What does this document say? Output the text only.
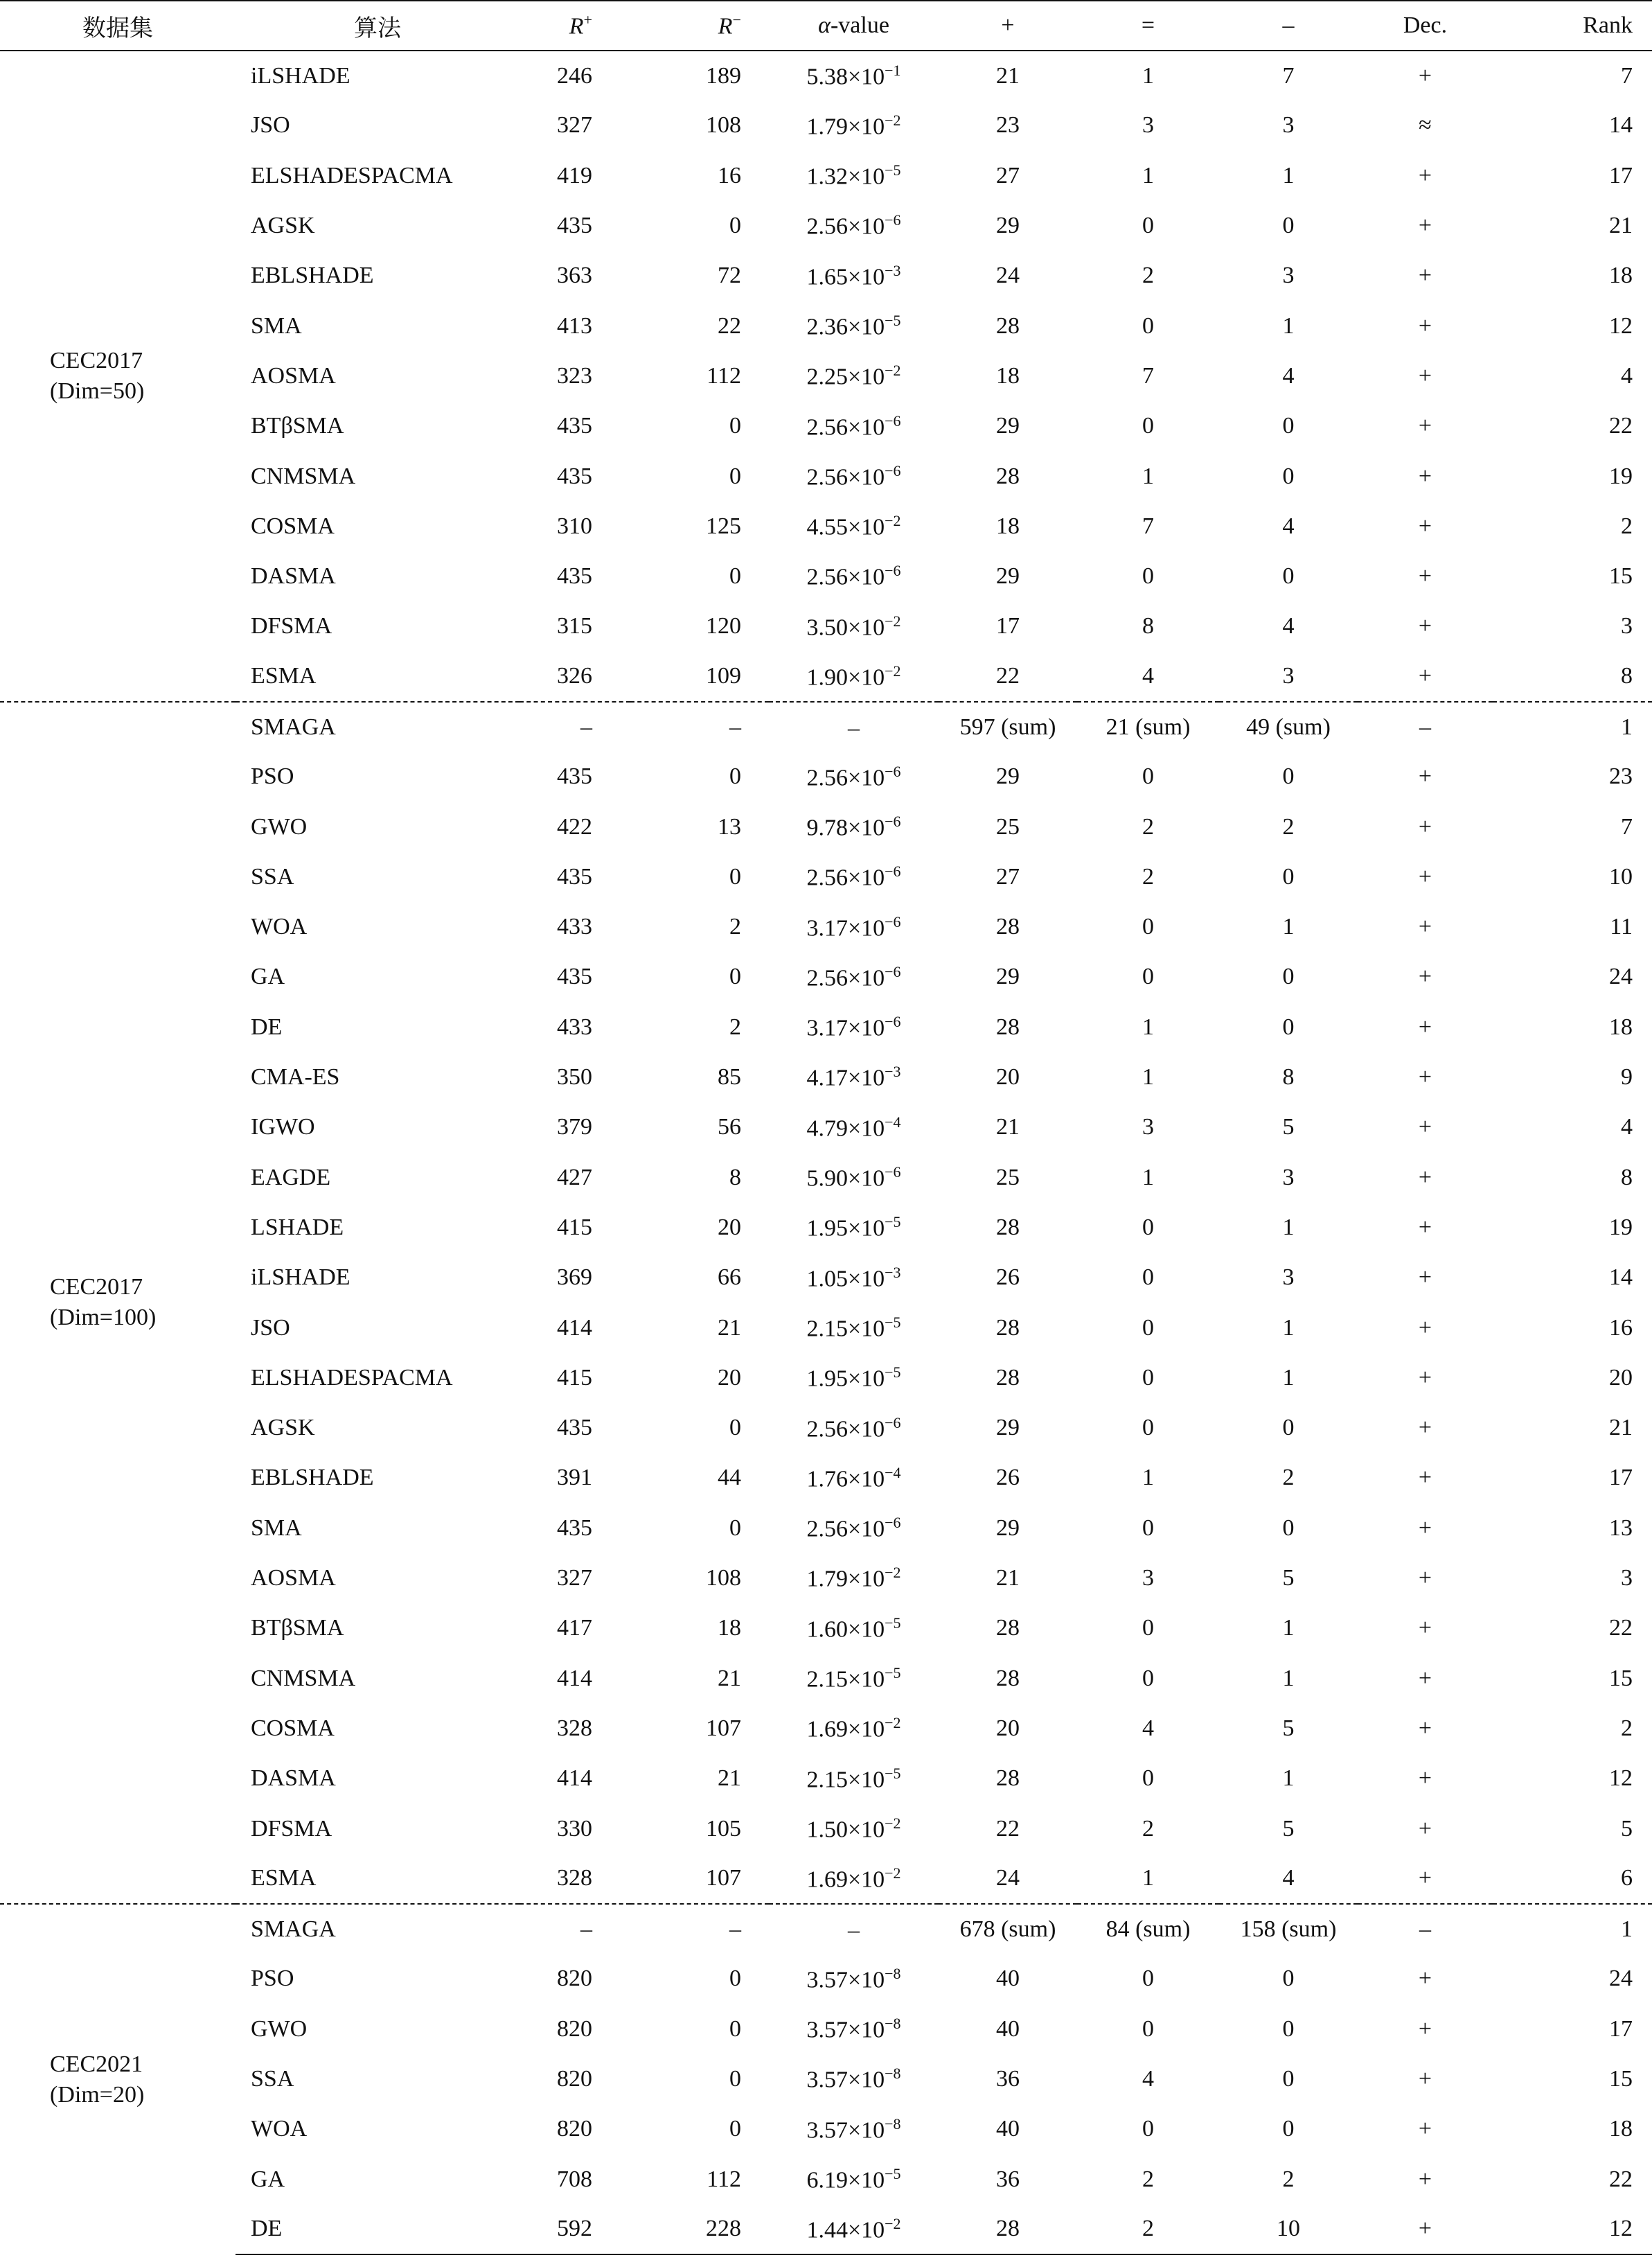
数据集	算法	R+	R−	α-value	+	=	–	Dec.	Rank

CEC2017
(Dim=50)	iLSHADE	246	189	$5.38\times 10^{-1}$	21	1	7	+	7
	JSO	327	108	$1.79\times 10^{-2}$	23	3	3	≈	14
	ELSHADESPACMA	419	16	$1.32\times 10^{-5}$	27	1	1	+	17
	AGSK	435	0	$2.56\times 10^{-6}$	29	0	0	+	21
	EBLSHADE	363	72	$1.65\times 10^{-3}$	24	2	3	+	18
	SMA	413	22	$2.36\times 10^{-5}$	28	0	1	+	12
	AOSMA	323	112	$2.25\times 10^{-2}$	18	7	4	+	4
	BTβSMA	435	0	$2.56\times 10^{-6}$	29	0	0	+	22
	CNMSMA	435	0	$2.56\times 10^{-6}$	28	1	0	+	19
	COSMA	310	125	$4.55\times 10^{-2}$	18	7	4	+	2
	DASMA	435	0	$2.56\times 10^{-6}$	29	0	0	+	15
	DFSMA	315	120	$3.50\times 10^{-2}$	17	8	4	+	3
	ESMA	326	109	$1.90\times 10^{-2}$	22	4	3	+	8

CEC2017
(Dim=100)	SMAGA	–	–	–	597 (sum)	21 (sum)	49 (sum)	–	1
	PSO	435	0	$2.56\times 10^{-6}$	29	0	0	+	23
	GWO	422	13	$9.78\times 10^{-6}$	25	2	2	+	7
	SSA	435	0	$2.56\times 10^{-6}$	27	2	0	+	10
	WOA	433	2	$3.17\times 10^{-6}$	28	0	1	+	11
	GA	435	0	$2.56\times 10^{-6}$	29	0	0	+	24
	DE	433	2	$3.17\times 10^{-6}$	28	1	0	+	18
	CMA-ES	350	85	$4.17\times 10^{-3}$	20	1	8	+	9
	IGWO	379	56	$4.79\times 10^{-4}$	21	3	5	+	4
	EAGDE	427	8	$5.90\times 10^{-6}$	25	1	3	+	8
	LSHADE	415	20	$1.95\times 10^{-5}$	28	0	1	+	19
	iLSHADE	369	66	$1.05\times 10^{-3}$	26	0	3	+	14
	JSO	414	21	$2.15\times 10^{-5}$	28	0	1	+	16
	ELSHADESPACMA	415	20	$1.95\times 10^{-5}$	28	0	1	+	20
	AGSK	435	0	$2.56\times 10^{-6}$	29	0	0	+	21
	EBLSHADE	391	44	$1.76\times 10^{-4}$	26	1	2	+	17
	SMA	435	0	$2.56\times 10^{-6}$	29	0	0	+	13
	AOSMA	327	108	$1.79\times 10^{-2}$	21	3	5	+	3
	BTβSMA	417	18	$1.60\times 10^{-5}$	28	0	1	+	22
	CNMSMA	414	21	$2.15\times 10^{-5}$	28	0	1	+	15
	COSMA	328	107	$1.69\times 10^{-2}$	20	4	5	+	2
	DASMA	414	21	$2.15\times 10^{-5}$	28	0	1	+	12
	DFSMA	330	105	$1.50\times 10^{-2}$	22	2	5	+	5
	ESMA	328	107	$1.69\times 10^{-2}$	24	1	4	+	6

CEC2021
(Dim=20)	SMAGA	–	–	–	678 (sum)	84 (sum)	158 (sum)	–	1
	PSO	820	0	$3.57\times 10^{-8}$	40	0	0	+	24
	GWO	820	0	$3.57\times 10^{-8}$	40	0	0	+	17
	SSA	820	0	$3.57\times 10^{-8}$	36	4	0	+	15
	WOA	820	0	$3.57\times 10^{-8}$	40	0	0	+	18
	GA	708	112	$6.19\times 10^{-5}$	36	2	2	+	22
	DE	592	228	$1.44\times 10^{-2}$	28	2	10	+	12
